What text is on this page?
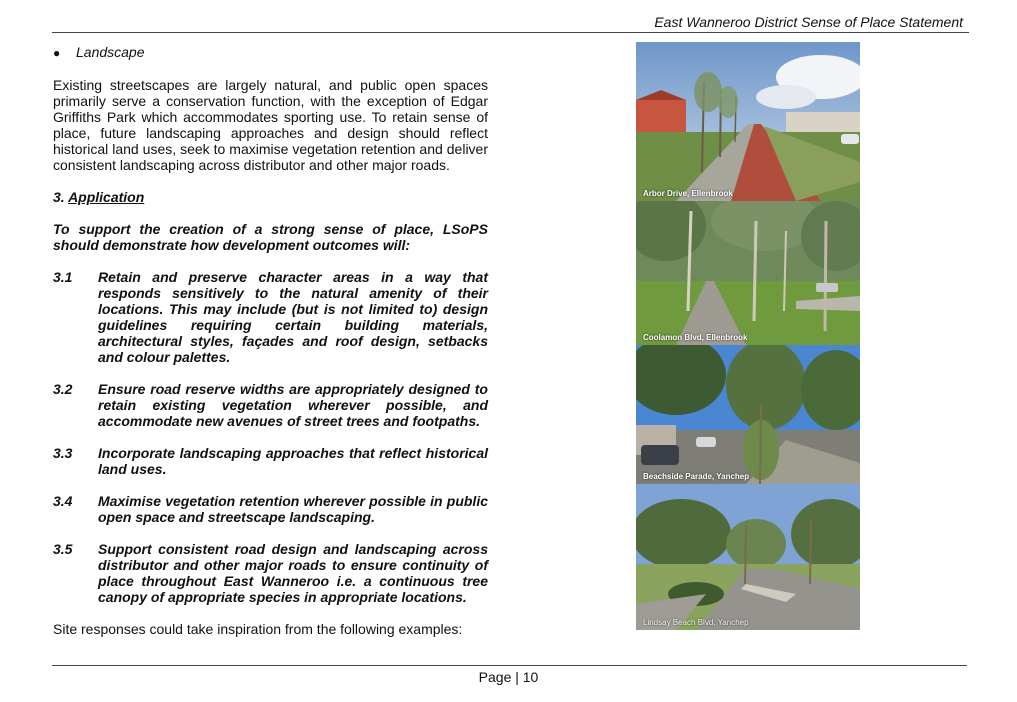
East Wanneroo District Sense of Place Statement
●	Landscape

Existing streetscapes are largely natural, and public open spaces primarily serve a conservation function, with the exception of Edgar Griffiths Park which accommodates sporting use. To retain sense of place, future landscaping approaches and design should reflect historical land uses, seek to maximise vegetation retention and deliver consistent landscaping across distributor and other major roads.

3. Application

To support the creation of a strong sense of place, LSoPS should demonstrate how development outcomes will:

3.1	Retain and preserve character areas in a way that responds sensitively to the natural amenity of their locations. This may include (but is not limited to) design guidelines requiring certain building materials, architectural styles, façades and roof design, setbacks and colour palettes.
3.2	Ensure road reserve widths are appropriately designed to retain existing vegetation wherever possible, and accommodate new avenues of street trees and footpaths.
3.3	Incorporate landscaping approaches that reflect historical land uses.
3.4	Maximise vegetation retention wherever possible in public open space and streetscape landscaping.
3.5	Support consistent road design and landscaping across distributor and other major roads to ensure continuity of place throughout East Wanneroo i.e. a continuous tree canopy of appropriate species in appropriate locations.

Site responses could take inspiration from the following examples:

Arbor Drive, Ellenbrook
Coolamon Blvd, Ellenbrook
Beachside Parade, Yanchep
Lindsay Beach Blvd, Yanchep
Page | 10
